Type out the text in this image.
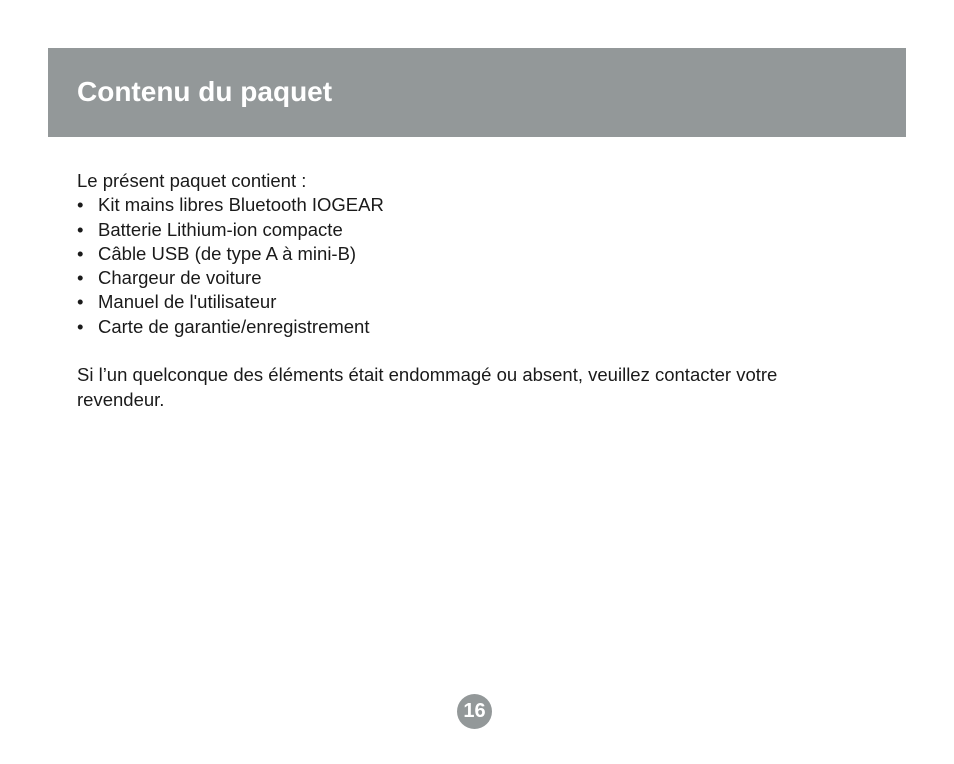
Contenu du paquet

Le présent paquet contient :

• Kit mains libres Bluetooth IOGEAR
• Batterie Lithium-ion compacte
• Câble USB (de type A à mini-B)
• Chargeur de voiture
• Manuel de l'utilisateur
• Carte de garantie/enregistrement

Si l’un quelconque des éléments était endommagé ou absent, veuillez contacter votre revendeur.

16
